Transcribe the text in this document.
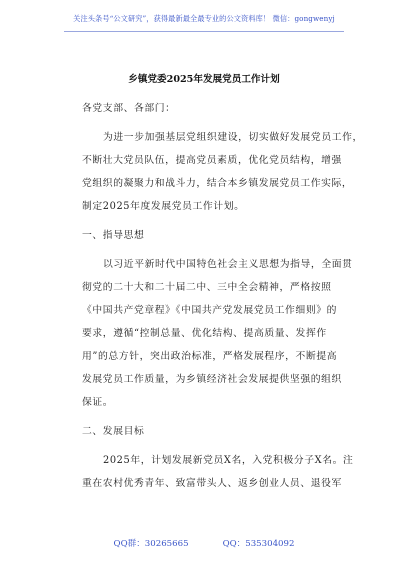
关注头条号“公文研究”，获得最新最全最专业的公文资料库！ 微信：gongwenyj
乡镇党委2025年发展党员工作计划
各党支部、各部门：
为进一步加强基层党组织建设，切实做好发展党员工作，
不断壮大党员队伍，提高党员素质，优化党员结构，增强
党组织的凝聚力和战斗力，结合本乡镇发展党员工作实际，
制定2025年度发展党员工作计划。
一、指导思想
以习近平新时代中国特色社会主义思想为指导，全面贯
彻党的二十大和二十届二中、三中全会精神，严格按照
《中国共产党章程》《中国共产党发展党员工作细则》的
要求，遵循“控制总量、优化结构、提高质量、发挥作
用”的总方针，突出政治标准，严格发展程序，不断提高
发展党员工作质量，为乡镇经济社会发展提供坚强的组织
保证。
二、发展目标
2025年，计划发展新党员X名，入党积极分子X名。注
重在农村优秀青年、致富带头人、返乡创业人员、退役军
QQ群：30265665	QQ：535304092
